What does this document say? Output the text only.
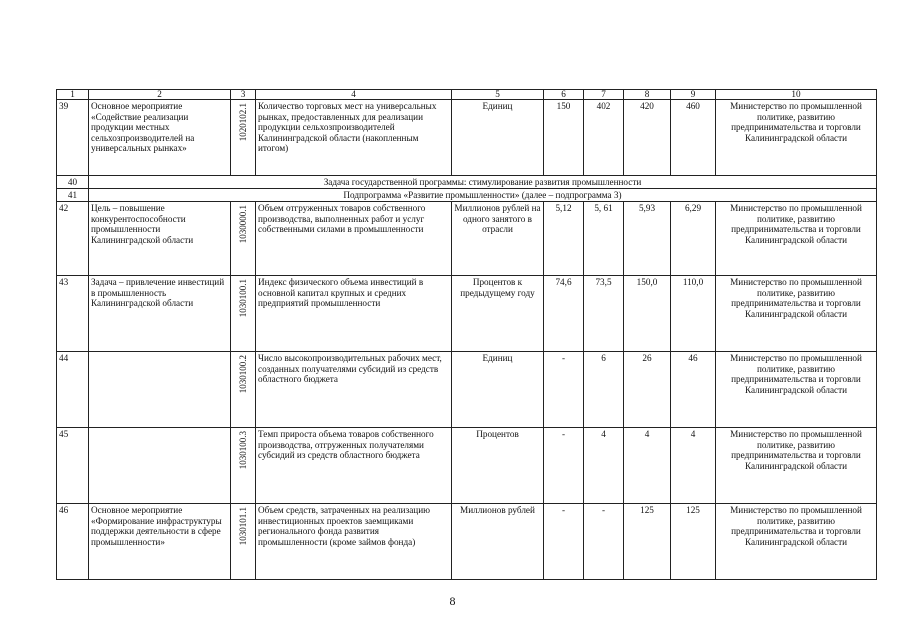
1	2	3	4	5	6	7	8	9	10
39	Основное мероприятие «Содействие реализации продукции местных сельхозпроизводителей на универсальных рынках»	1020102.1	Количество торговых мест на универсальных рынках, предоставленных для реализации продукции сельхозпроизводителей Калининградской области (накопленным итогом)	Единиц	150	402	420	460	Министерство по промышленной политике, развитию предпринимательства и торговли Калининградской области
40	Задача государственной программы: стимулирование развития промышленности								
41	Подпрограмма «Развитие промышленности» (далее – подпрограмма 3)								
42	Цель – повышение конкурентоспособности промышленности Калининградской области	1030000.1	Объем отгруженных товаров собственного производства, выполненных работ и услуг собственными силами в промышленности	Миллионов рублей на одного занятого в отрасли	5,12	5, 61	5,93	6,29	Министерство по промышленной политике, развитию предпринимательства и торговли Калининградской области
43	Задача – привлечение инвестиций в промышленность Калининградской области	1030100.1	Индекс физического объема инвестиций в основной капитал крупных и средних предприятий промышленности	Процентов к предыдущему году	74,6	73,5	150,0	110,0	Министерство по промышленной политике, развитию предпринимательства и торговли Калининградской области
44		1030100.2	Число высокопроизводительных рабочих мест, созданных получателями субсидий из средств областного бюджета	Единиц	-	6	26	46	Министерство по промышленной политике, развитию предпринимательства и торговли Калининградской области
45		1030100.3	Темп прироста объема товаров собственного производства, отгруженных получателями субсидий из средств областного бюджета	Процентов	-	4	4	4	Министерство по промышленной политике, развитию предпринимательства и торговли Калининградской области
46	Основное мероприятие «Формирование инфраструктуры поддержки деятельности в сфере промышленности»	1030101.1	Объем средств, затраченных на реализацию инвестиционных проектов заемщиками регионального фонда развития промышленности (кроме займов фонда)	Миллионов рублей	-	-	125	125	Министерство по промышленной политике, развитию предпринимательства и торговли Калининградской области
8
